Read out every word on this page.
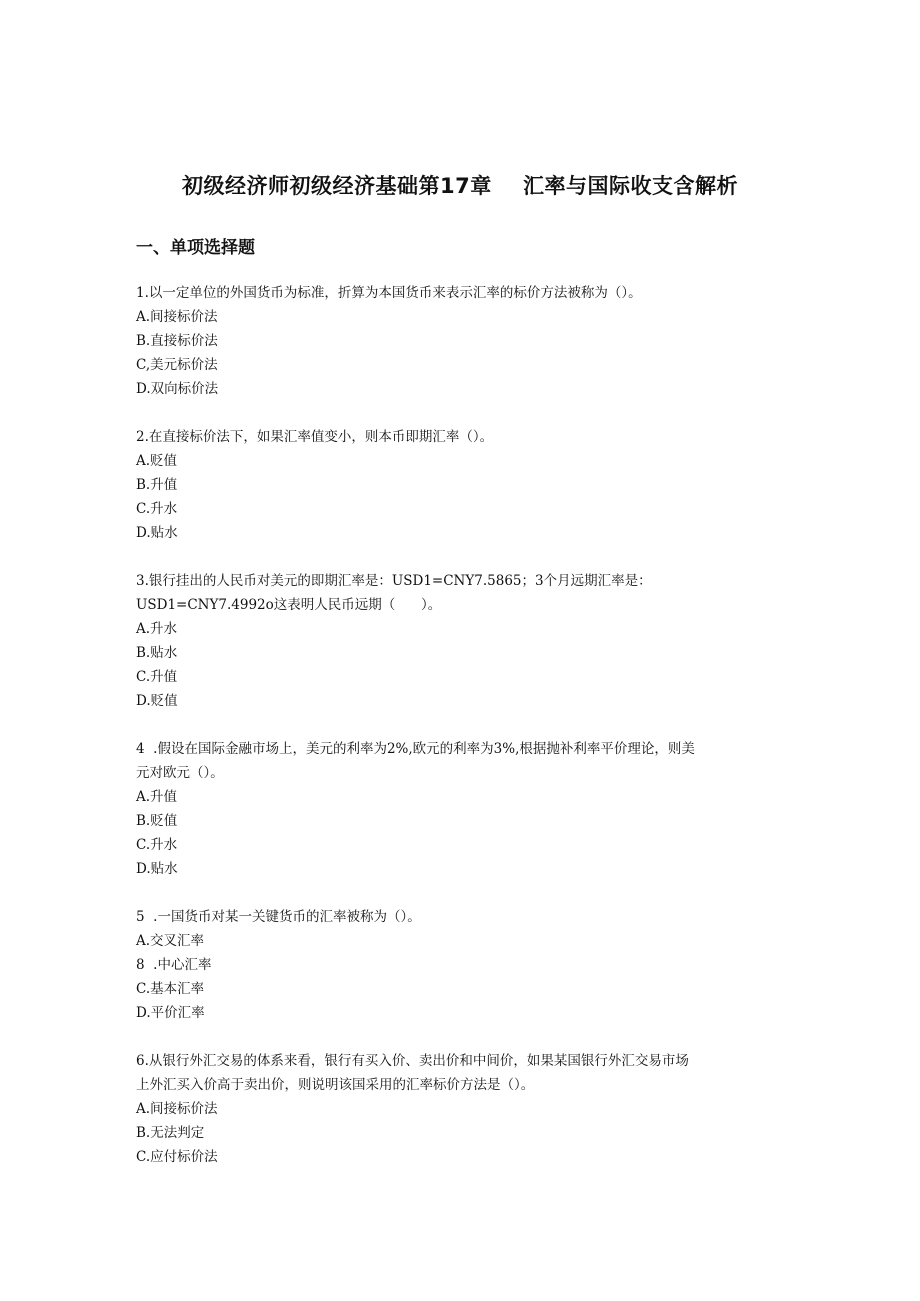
初级经济师初级经济基础第17章    汇率与国际收支含解析
一、单项选择题
1.以一定单位的外国货币为标准，折算为本国货币来表示汇率的标价方法被称为（）。
A.间接标价法
B.直接标价法
C,美元标价法
D.双向标价法
2.在直接标价法下，如果汇率值变小，则本币即期汇率（）。
A.贬值
B.升值
C.升水
D.贴水
3.银行挂出的人民币对美元的即期汇率是：USD1=CNY7.5865；3个月远期汇率是：
USD1=CNY7.4992o这表明人民币远期（      ）。
A.升水
B.贴水
C.升值
D.贬值
4  .假设在国际金融市场上，美元的利率为2%,欧元的利率为3%,根据抛补利率平价理论，则美
元对欧元（）。
A.升值
B.贬值
C.升水
D.贴水
5  .一国货币对某一关键货币的汇率被称为（）。
A.交叉汇率
8  .中心汇率
C.基本汇率
D.平价汇率
6.从银行外汇交易的体系来看，银行有买入价、卖出价和中间价，如果某国银行外汇交易市场
上外汇买入价高于卖出价，则说明该国采用的汇率标价方法是（）。
A.间接标价法
B.无法判定
C.应付标价法
